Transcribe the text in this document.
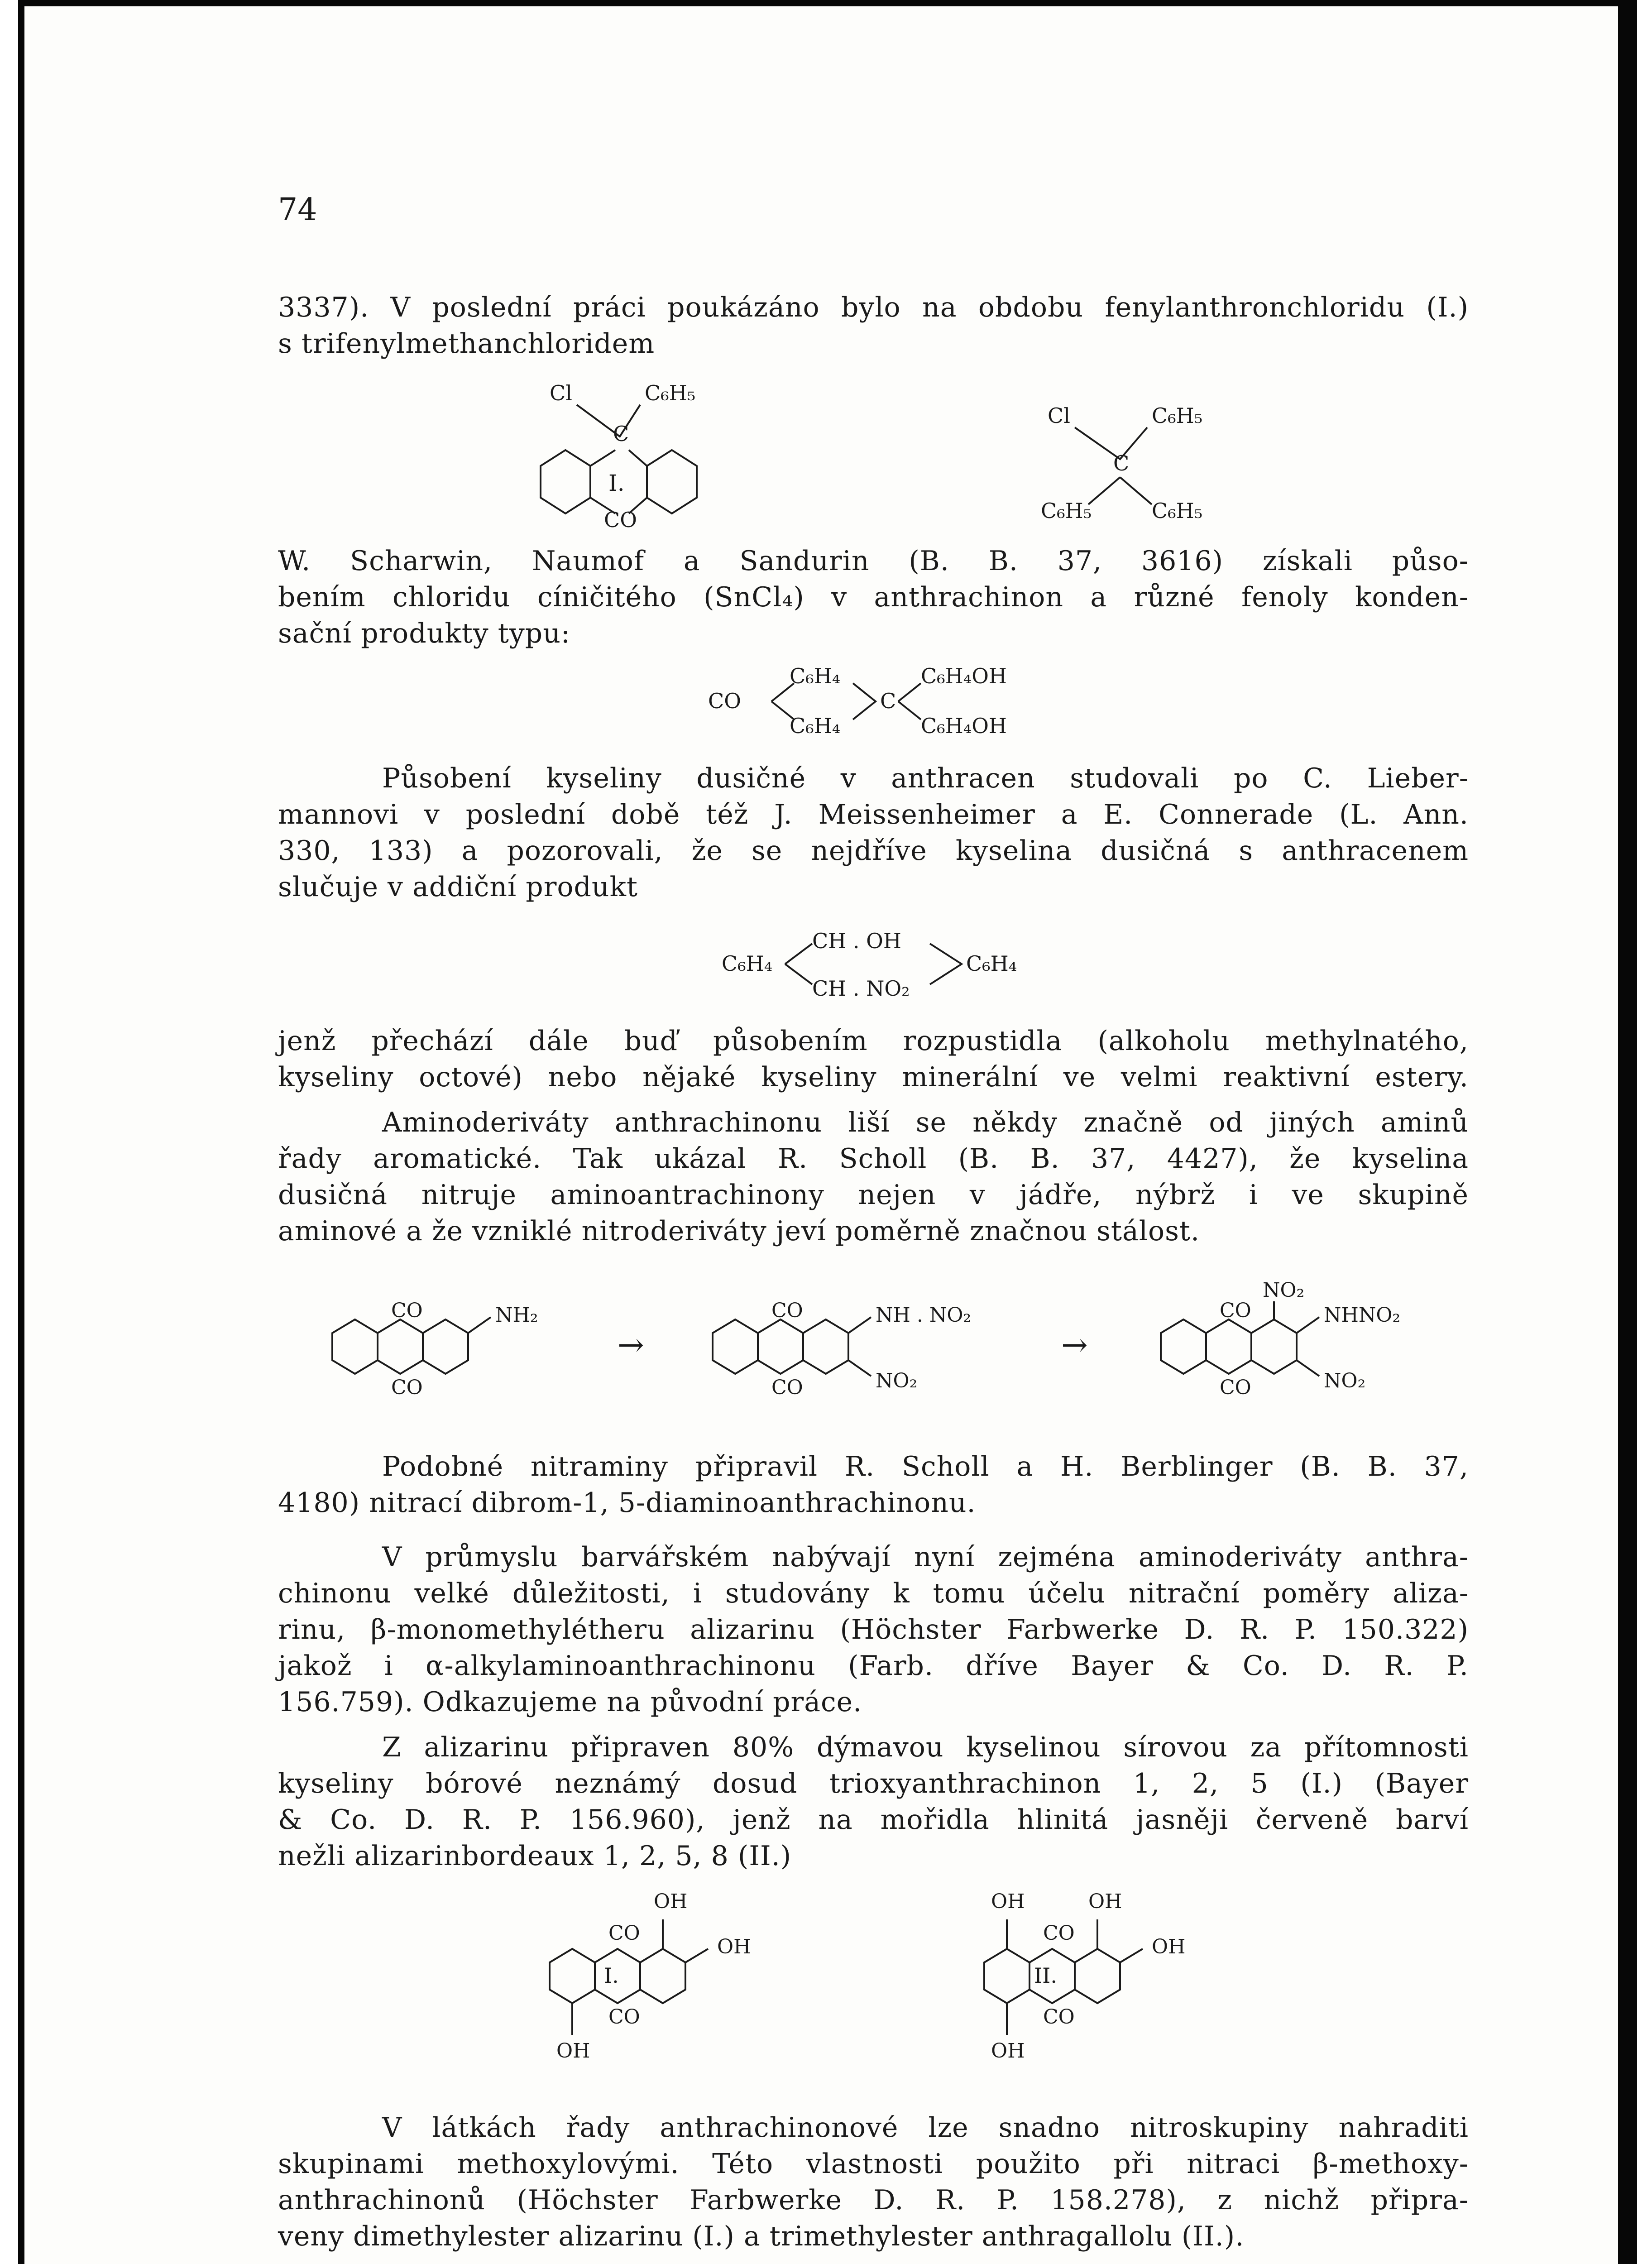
74
3337). V poslední práci poukázáno bylo na obdobu fenylanthronchloridu (I.)
s trifenylmethanchloridem
Cl	C₆H₅
C
I.
CO
Cl	C₆H₅
C
C₆H₅	C₆H₅
W. Scharwin, Naumof a Sandurin (B. B. 37, 3616) získali půso-
bením chloridu cíničitého (SnCl₄) v anthrachinon a různé fenoly konden-
sační produkty typu:
CO
C₆H₄
C₆H₄
C
C₆H₄OH
C₆H₄OH
Působení kyseliny dusičné v anthracen studovali po C. Lieber-
mannovi v poslední době též J. Meissenheimer a E. Connerade (L. Ann.
330, 133) a pozorovali, že se nejdříve kyselina dusičná s anthracenem
slučuje v addiční produkt
C₆H₄
CH . OH
CH . NO₂
C₆H₄
jenž přechází dále buď působením rozpustidla (alkoholu methylnatého,
kyseliny octové) nebo nějaké kyseliny minerální ve velmi reaktivní estery.
Aminoderiváty anthrachinonu liší se někdy značně od jiných aminů
řady aromatické. Tak ukázal R. Scholl (B. B. 37, 4427), že kyselina
dusičná nitruje aminoantrachinony nejen v jádře, nýbrž i ve skupině
aminové a že vzniklé nitroderiváty jeví poměrně značnou stálost.
CO
CO
NH₂
→
CO
CO
NH . NO₂
NO₂
→
NO₂
CO
CO
NHNO₂
NO₂
Podobné nitraminy připravil R. Scholl a H. Berblinger (B. B. 37,
4180) nitrací dibrom-1, 5-diaminoanthrachinonu.
V průmyslu barvářském nabývají nyní zejména aminoderiváty anthra-
chinonu velké důležitosti, i studovány k tomu účelu nitrační poměry aliza-
rinu, β-monomethylétheru alizarinu (Höchster Farbwerke D. R. P. 150.322)
jakož i α-alkylaminoanthrachinonu (Farb. dříve Bayer & Co. D. R. P.
156.759). Odkazujeme na původní práce.
Z alizarinu připraven 80% dýmavou kyselinou sírovou za přítomnosti
kyseliny bórové neznámý dosud trioxyanthrachinon 1, 2, 5 (I.) (Bayer
& Co. D. R. P. 156.960), jenž na mořidla hlinitá jasněji červeně barví
nežli alizarinbordeaux 1, 2, 5, 8 (II.)
OH
CO
OH
I.
CO
OH
OH	OH
CO
OH
II.
CO
OH
V látkách řady anthrachinonové lze snadno nitroskupiny nahraditi
skupinami methoxylovými. Této vlastnosti použito při nitraci β-methoxy-
anthrachinonů (Höchster Farbwerke D. R. P. 158.278), z nichž připra-
veny dimethylester alizarinu (I.) a trimethylester anthragallolu (II.).
